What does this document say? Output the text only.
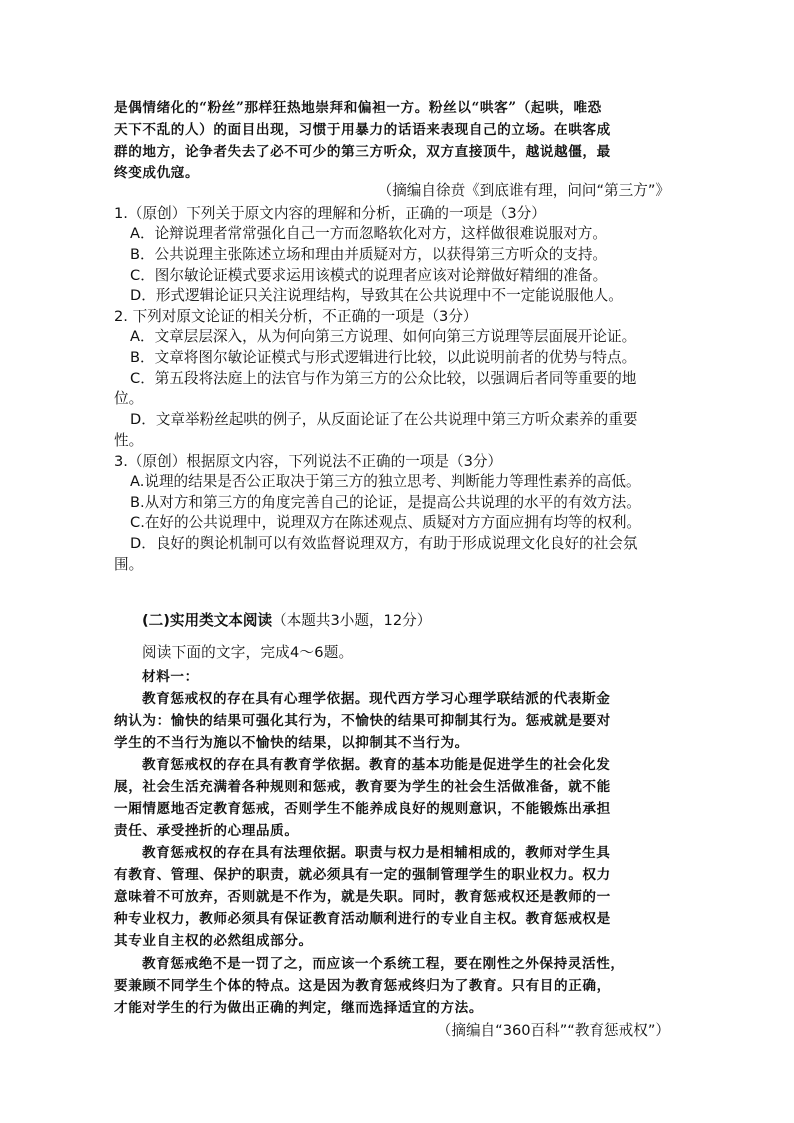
是偶情绪化的“粉丝”那样狂热地崇拜和偏袒一方。粉丝以“哄客”（起哄，唯恐
天下不乱的人）的面目出现，习惯于用暴力的话语来表现自己的立场。在哄客成
群的地方，论争者失去了必不可少的第三方听众，双方直接顶牛，越说越僵，最
终变成仇寇。
（摘编自徐贲《到底谁有理，问问“第三方”》
1.（原创）下列关于原文内容的理解和分析，正确的一项是（3分）
A．论辩说理者常常强化自己一方而忽略软化对方，这样做很难说服对方。
B．公共说理主张陈述立场和理由并质疑对方，以获得第三方听众的支持。
C．图尔敏论证模式要求运用该模式的说理者应该对论辩做好精细的准备。
D．形式逻辑论证只关注说理结构，导致其在公共说理中不一定能说服他人。
2. 下列对原文论证的相关分析，不正确的一项是（3分）
A．文章层层深入，从为何向第三方说理、如何向第三方说理等层面展开论证。
B．文章将图尔敏论证模式与形式逻辑进行比较，以此说明前者的优势与特点。
C．第五段将法庭上的法官与作为第三方的公众比较，以强调后者同等重要的地
位。
D．文章举粉丝起哄的例子，从反面论证了在公共说理中第三方听众素养的重要
性。
3.（原创）根据原文内容，下列说法不正确的一项是（3分）
A.说理的结果是否公正取决于第三方的独立思考、判断能力等理性素养的高低。
B.从对方和第三方的角度完善自己的论证，是提高公共说理的水平的有效方法。
C.在好的公共说理中，说理双方在陈述观点、质疑对方方面应拥有均等的权利。
D．良好的舆论机制可以有效监督说理双方，有助于形成说理文化良好的社会氛
围。
(二)实用类文本阅读（本题共3小题，12分）
阅读下面的文字，完成4～6题。
材料一：
教育惩戒权的存在具有心理学依据。现代西方学习心理学联结派的代表斯金
纳认为：愉快的结果可强化其行为，不愉快的结果可抑制其行为。惩戒就是要对
学生的不当行为施以不愉快的结果，以抑制其不当行为。
教育惩戒权的存在具有教育学依据。教育的基本功能是促进学生的社会化发
展，社会生活充满着各种规则和惩戒，教育要为学生的社会生活做准备，就不能
一厢情愿地否定教育惩戒，否则学生不能养成良好的规则意识，不能锻炼出承担
责任、承受挫折的心理品质。
教育惩戒权的存在具有法理依据。职责与权力是相辅相成的，教师对学生具
有教育、管理、保护的职责，就必须具有一定的强制管理学生的职业权力。权力
意味着不可放弃，否则就是不作为，就是失职。同时，教育惩戒权还是教师的一
种专业权力，教师必须具有保证教育活动顺利进行的专业自主权。教育惩戒权是
其专业自主权的必然组成部分。
教育惩戒绝不是一罚了之，而应该一个系统工程，要在刚性之外保持灵活性，
要兼顾不同学生个体的特点。这是因为教育惩戒终归为了教育。只有目的正确，
才能对学生的行为做出正确的判定，继而选择适宜的方法。
（摘编自“360百科”“教育惩戒权”）
